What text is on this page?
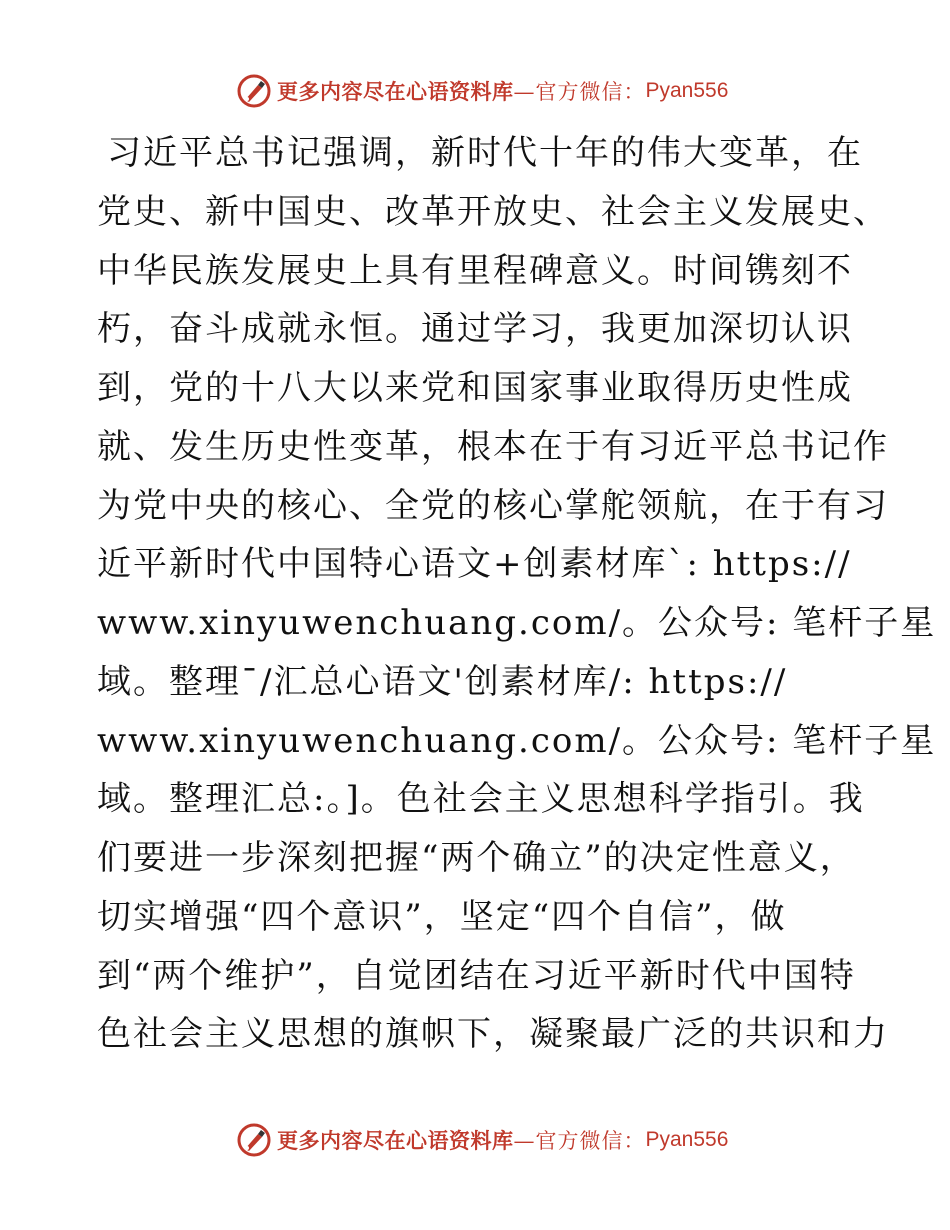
更多内容尽在心语资料库 —官方微信： Pyan556
习近平总书记强调，新时代十年的伟大变革，在
党史、新中国史、改革开放史、社会主义发展史、
中华民族发展史上具有里程碑意义。时间镌刻不
朽，奋斗成就永恒。通过学习，我更加深切认识
到，党的十八大以来党和国家事业取得历史性成
就、发生历史性变革，根本在于有习近平总书记作
为党中央的核心、全党的核心掌舵领航，在于有习
近平新时代中国特心语文+创素材库`: https://
www.xinyuwenchuang.com/。公众号: 笔杆子星
域。整理¯/汇总心语文'创素材库/: https://
www.xinyuwenchuang.com/。公众号: 笔杆子星
域。整理汇总:。]。色社会主义思想科学指引。我
们要进一步深刻把握“两个确立”的决定性意义，
切实增强“四个意识”，坚定“四个自信”，做
到“两个维护”，自觉团结在习近平新时代中国特
色社会主义思想的旗帜下，凝聚最广泛的共识和力
更多内容尽在心语资料库 —官方微信： Pyan556
